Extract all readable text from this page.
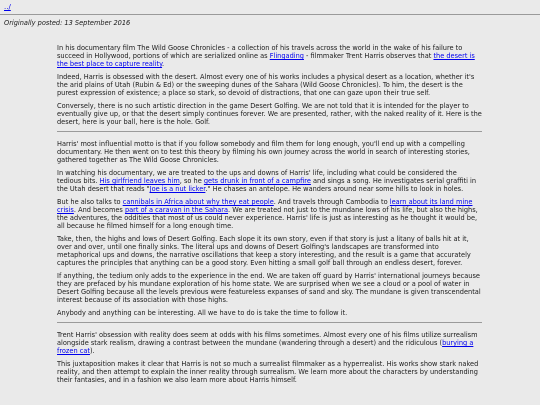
../
Originally posted: 13 September 2016

In his documentary film The Wild Goose Chronicles - a collection of his travels across the world in the wake of his failure to succeed in Hollywood, portions of which are serialized online as Flingading - filmmaker Trent Harris observes that the desert is the best place to capture reality.

Indeed, Harris is obsessed with the desert. Almost every one of his works includes a physical desert as a location, whether it's the arid plains of Utah (Rubin & Ed) or the sweeping dunes of the Sahara (Wild Goose Chronicles). To him, the desert is the purest expression of existence; a place so stark, so devoid of distractions, that one can gaze upon their true self.

Conversely, there is no such artistic direction in the game Desert Golfing. We are not told that it is intended for the player to eventually give up, or that the desert simply continues forever. We are presented, rather, with the naked reality of it. Here is the desert, here is your ball, here is the hole. Golf.

Harris' most influential motto is that if you follow somebody and film them for long enough, you'll end up with a compelling documentary. He then went on to test this theory by filming his own journey across the world in search of interesting stories, gathered together as The Wild Goose Chronicles.

In watching his documentary, we are treated to the ups and downs of Harris' life, including what could be considered the tedious bits. His girlfriend leaves him, so he gets drunk in front of a campfire and sings a song. He investigates serial graffiti in the Utah desert that reads "Joe is a nut licker." He chases an antelope. He wanders around near some hills to look in holes.

But he also talks to cannibals in Africa about why they eat people. And travels through Cambodia to learn about its land mine crisis. And becomes part of a caravan in the Sahara. We are treated not just to the mundane lows of his life, but also the highs, the adventures, the oddities that most of us could never experience. Harris' life is just as interesting as he thought it would be, all because he filmed himself for a long enough time.

Take, then, the highs and lows of Desert Golfing. Each slope it its own story, even if that story is just a litany of balls hit at it, over and over, until one finally sinks. The literal ups and downs of Desert Golfing's landscapes are transformed into metaphorical ups and downs, the narrative oscillations that keep a story interesting, and the result is a game that accurately captures the principles that anything can be a good story. Even hitting a small golf ball through an endless desert, forever.

If anything, the tedium only adds to the experience in the end. We are taken off guard by Harris' international journeys because they are prefaced by his mundane exploration of his home state. We are surprised when we see a cloud or a pool of water in Desert Golfing because all the levels previous were featureless expanses of sand and sky. The mundane is given transcendental interest because of its association with those highs.

Anybody and anything can be interesting. All we have to do is take the time to follow it.

Trent Harris' obsession with reality does seem at odds with his films sometimes. Almost every one of his films utilize surrealism alongside stark realism, drawing a contrast between the mundane (wandering through a desert) and the ridiculous (burying a frozen cat).

This juxtaposition makes it clear that Harris is not so much a surrealist filmmaker as a hyperrealist. His works show stark naked reality, and then attempt to explain the inner reality through surrealism. We learn more about the characters by understanding their fantasies, and in a fashion we also learn more about Harris himself.
